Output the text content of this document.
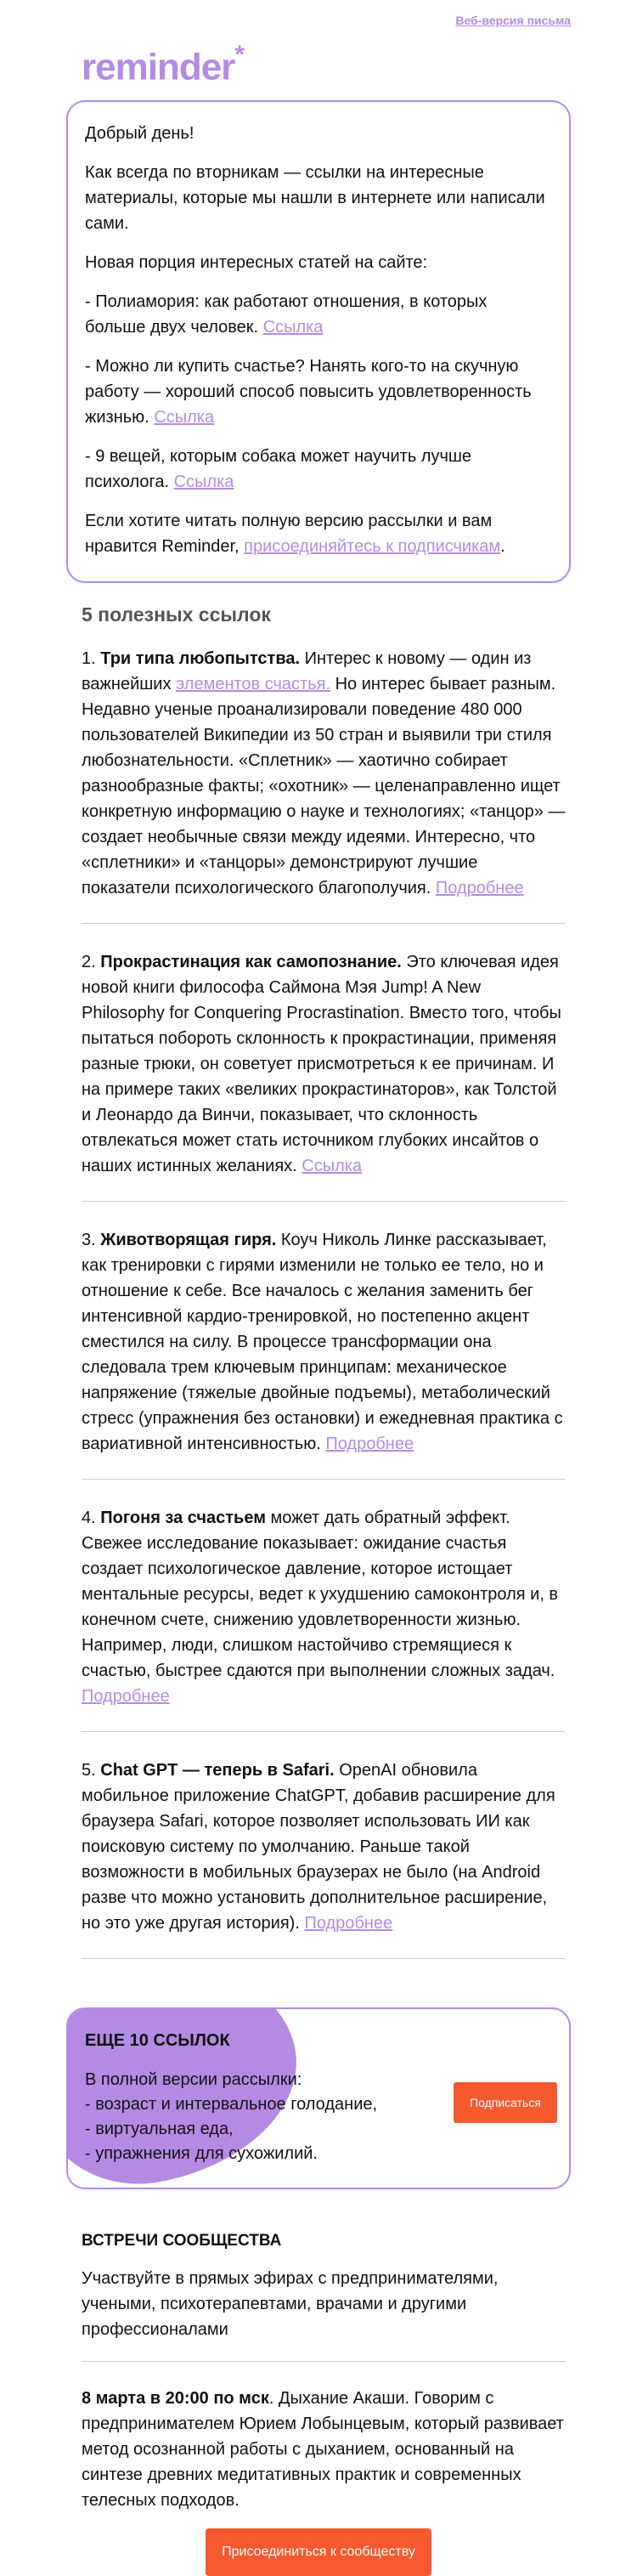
Веб-версия письма
reminder*

Добрый день!

Как всегда по вторникам — ссылки на интересные материалы, которые мы нашли в интернете или написали сами.

Новая порция интересных статей на сайте:

- Полиамория: как работают отношения, в которых больше двух человек. Ссылка

- Можно ли купить счастье? Нанять кого-то на скучную работу — хороший способ повысить удовлетворенность жизнью. Ссылка

- 9 вещей, которым собака может научить лучше психолога. Ссылка

Если хотите читать полную версию рассылки и вам нравится Reminder, присоединяйтесь к подписчикам.

5 полезных ссылок
1. Три типа любопытства. Интерес к новому — один из важнейших элементов счастья. Но интерес бывает разным. Недавно ученые проанализировали поведение 480 000 пользователей Википедии из 50 стран и выявили три стиля любознательности. «Сплетник» — хаотично собирает разнообразные факты; «охотник» — целенаправленно ищет конкретную информацию о науке и технологиях; «танцор» — создает необычные связи между идеями. Интересно, что «сплетники» и «танцоры» демонстрируют лучшие показатели психологического благополучия. Подробнее
2. Прокрастинация как самопознание. Это ключевая идея новой книги философа Саймона Мэя Jump! A New Philosophy for Conquering Procrastination. Вместо того, чтобы пытаться побороть склонность к прокрастинации, применяя разные трюки, он советует присмотреться к ее причинам. И на примере таких «великих прокрастинаторов», как Толстой и Леонардо да Винчи, показывает, что склонность отвлекаться может стать источником глубоких инсайтов о наших истинных желаниях. Ссылка
3. Животворящая гиря. Коуч Николь Линке рассказывает, как тренировки с гирями изменили не только ее тело, но и отношение к себе. Все началось с желания заменить бег интенсивной кардио-тренировкой, но постепенно акцент сместился на силу. В процессе трансформации она следовала трем ключевым принципам: механическое напряжение (тяжелые двойные подъемы), метаболический стресс (упражнения без остановки) и ежедневная практика с вариативной интенсивностью. Подробнее
4. Погоня за счастьем может дать обратный эффект. Свежее исследование показывает: ожидание счастья создает психологическое давление, которое истощает ментальные ресурсы, ведет к ухудшению самоконтроля и, в конечном счете, снижению удовлетворенности жизнью. Например, люди, слишком настойчиво стремящиеся к счастью, быстрее сдаются при выполнении сложных задач. Подробнее
5. Chat GPT — теперь в Safari. OpenAI обновила мобильное приложение ChatGPT, добавив расширение для браузера Safari, которое позволяет использовать ИИ как поисковую систему по умолчанию. Раньше такой возможности в мобильных браузерах не было (на Android разве что можно установить дополнительное расширение, но это уже другая история). Подробнее
ЕЩЕ 10 ССЫЛОК
В полной версии рассылки:
- возраст и интервальное голодание,
- виртуальная еда,
- упражнения для сухожилий.
Подписаться
ВСТРЕЧИ СООБЩЕСТВА
Участвуйте в прямых эфирах с предпринимателями, учеными, психотерапевтами, врачами и другими профессионалами
8 марта в 20:00 по мск. Дыхание Акаши. Говорим с предпринимателем Юрием Лобынцевым, который развивает метод осознанной работы с дыханием, основанный на синтезе древних медитативных практик и современных телесных подходов.
Присоединиться к сообществу
